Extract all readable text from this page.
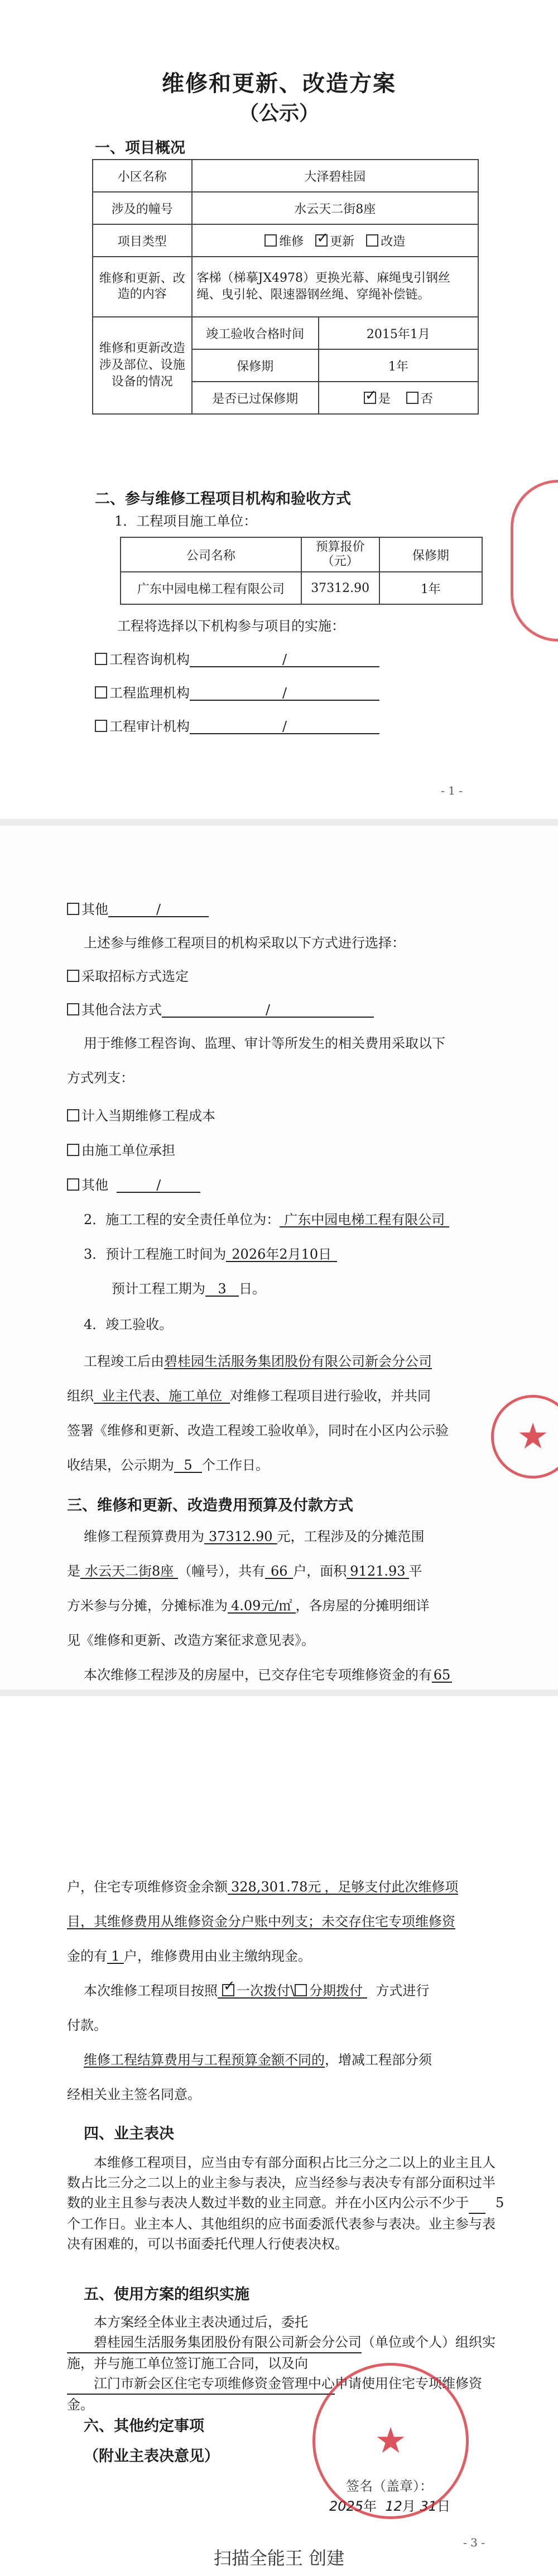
维修和更新、改造方案
（公示）
一、项目概况
小区名称	大泽碧桂园	
涉及的幢号	水云天二街8座	
项目类型	维修 ✓ 更新 改造
维修和更新、改造的内容	客梯（梯摹JX4978）更换光幕、麻绳曳引钢丝绳、曳引轮、限速器钢丝绳、穿绳补偿链。	
维修和更新改造涉及部位、设施设备的情况	竣工验收合格时间	2015年1月
	保修期	1年
	是否已过保修期	✓是 否
二、参与维修工程项目机构和验收方式
1．工程项目施工单位：
公司名称	预算报价（元）	保修期
广东中园电梯工程有限公司	37312.90	1年
工程将选择以下机构参与项目的实施：
工程咨询机构	/
工程监理机构	/
工程审计机构	/
- 1 -
其他	/
上述参与维修工程项目的机构采取以下方式进行选择：
采取招标方式选定
其他合法方式	/
用于维修工程咨询、监理、审计等所发生的相关费用采取以下
方式列支：
计入当期维修工程成本
由施工单位承担
其他	/
2．施工工程的安全责任单位为： 广东中园电梯工程有限公司
3．预计工程施工时间为 2026年2月10日
预计工程工期为 3 日。
4．竣工验收。
工程竣工后由碧桂园生活服务集团股份有限公司新会分公司
组织 业主代表、施工单位 对维修工程项目进行验收，并共同
签署《维修和更新、改造工程竣工验收单》，同时在小区内公示验
收结果，公示期为 5 个工作日。
三、维修和更新、改造费用预算及付款方式
维修工程预算费用为 37312.90 元，工程涉及的分摊范围
是 水云天二街8座 （幢号），共有 66 户，面积 9121.93 平
方米参与分摊，分摊标准为 4.09元/㎡ ，各房屋的分摊明细详
见《维修和更新、改造方案征求意见表》。
本次维修工程涉及的房屋中，已交存住宅专项维修资金的有 65
★
户，住宅专项维修资金余额 328,301.78元 ，足够支付此次维修项
目，其维修费用从维修资金分户账中列支；未交存住宅专项维修资
金的有 1 户，维修费用由业主缴纳现金。
本次维修工程项目按照 ✓ 一次拨付\ 分期拨付 方式进行
付款。
维修工程结算费用与工程预算金额不同的，增减工程部分须
经相关业主签名同意。
四、业主表决
本维修工程项目，应当由专有部分面积占比三分之二以上的业主且人数占比三分之二以上的业主参与表决，应当经参与表决专有部分面积过半数的业主且参与表决人数过半数的业主同意。并在小区内公示不少于 5个工作日。业主本人、其他组织的应书面委派代表参与表决。业主参与表决有困难的，可以书面委托代理人行使表决权。
五、使用方案的组织实施
本方案经全体业主表决通过后，委托碧桂园生活服务集团股份有限公司新会分公司（单位或个人）组织实施，并与施工单位签订施工合同，以及向江门市新会区住宅专项维修资金管理中心申请使用住宅专项维修资金。
六、其他约定事项
（附业主表决意见）
签名（盖章）：
2025年 12月 31日
- 3 -
★
扫描全能王 创建
